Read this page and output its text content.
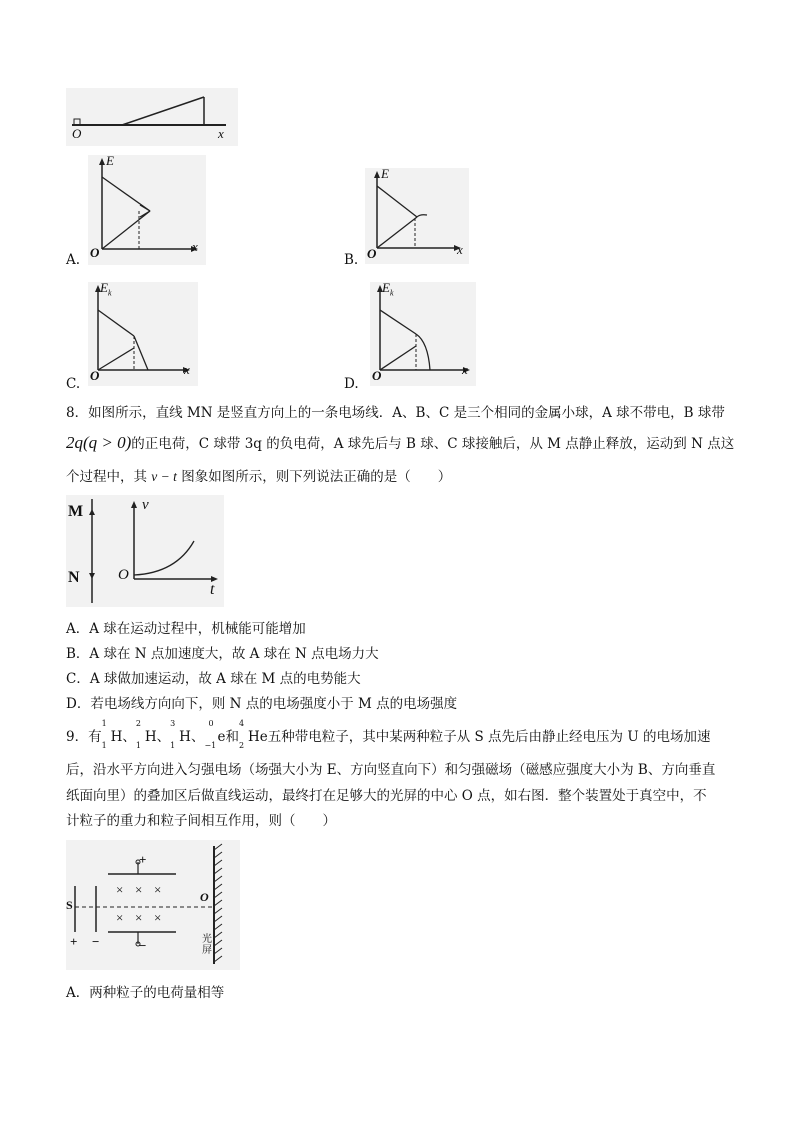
O	x
A.
E
O	x
B.
E
O	x
C.
$E_k$
O	x
D.
$E_k$
O	x
8．如图所示，直线 MN 是竖直方向上的一条电场线．A、B、C 是三个相同的金属小球，A 球不带电，B 球带
2q(q > 0)的正电荷，C 球带 3q 的负电荷，A 球先后与 B 球、C 球接触后，从 M 点静止释放，运动到 N 点这
个过程中，其 v − t 图象如图所示，则下列说法正确的是（　　）
M
N	O
v
t
A．A 球在运动过程中，机械能可能增加
B．A 球在 N 点加速度大，故 A 球在 N 点电场力大
C．A 球做加速运动，故 A 球在 M 点的电势能大
D．若电场线方向向下，则 N 点的电场强度小于 M 点的电场强度
9．有
1
1
H、
2
1
H、
3
1
H、
0
−1
e和
4
2
He五种带电粒子，其中某两种粒子从 S 点先后由静止经电压为 U 的电场加速
后，沿水平方向进入匀强电场（场强大小为 E、方向竖直向下）和匀强磁场（磁感应强度大小为 B、方向垂直
纸面向里）的叠加区后做直线运动，最终打在足够大的光屏的中心 O 点，如右图．整个装置处于真空中，不
计粒子的重力和粒子间相互作用，则（　　）
+
−
+ −
S
O
光屏
× × ×
× × ×
A．两种粒子的电荷量相等
